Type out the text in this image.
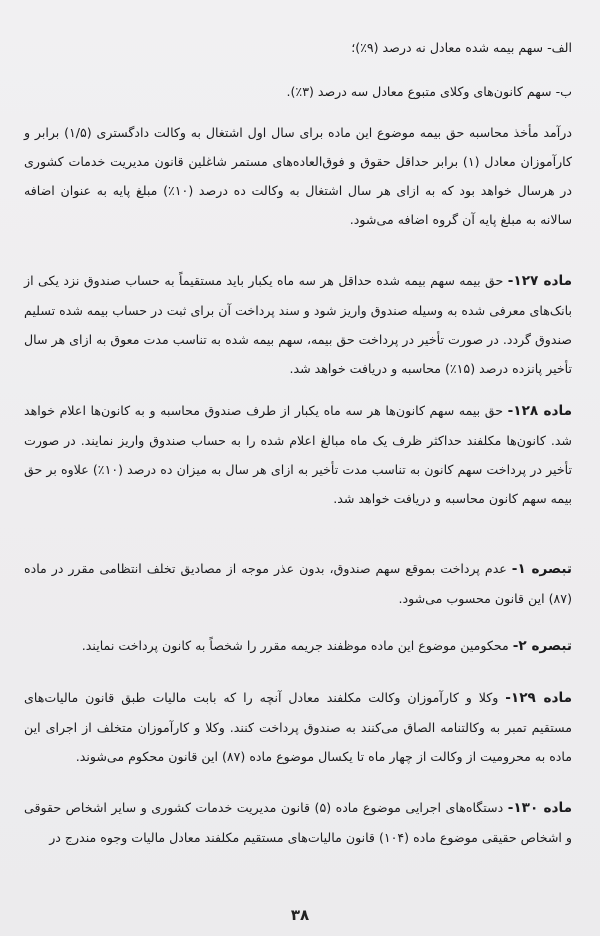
الف- سهم بیمه شده معادل نه درصد (۹٪)؛

ب- سهم کانون‌های وکلای متبوع معادل سه درصد (۳٪).

درآمد مأخذ محاسبه حق بیمه موضوع این ماده برای سال اول اشتغال به وکالت دادگستری (۱/۵) برابر و کارآموزان معادل (۱) برابر حداقل حقوق و فوق‌العاده‌های مستمر شاغلین قانون مدیریت خدمات کشوری در هرسال خواهد بود که به ازای هر سال اشتغال به وکالت ده درصد (۱۰٪) مبلغ پایه به عنوان اضافه سالانه به مبلغ پایه آن گروه اضافه می‌شود.

ماده ۱۲۷- حق بیمه سهم بیمه شده حداقل هر سه ماه یکبار باید مستقیماً به حساب صندوق نزد یکی از بانک‌های معرفی شده به وسیله صندوق واریز شود و سند پرداخت آن برای ثبت در حساب بیمه شده تسلیم صندوق گردد. در صورت تأخیر در پرداخت حق بیمه، سهم بیمه شده به تناسب مدت معوق به ازای هر سال تأخیر پانزده درصد (۱۵٪) محاسبه و دریافت خواهد شد.

ماده ۱۲۸- حق بیمه سهم کانون‌ها هر سه ماه یکبار از طرف صندوق محاسبه و به کانون‌ها اعلام خواهد شد. کانون‌ها مکلفند حداکثر ظرف یک ماه مبالغ اعلام شده را به حساب صندوق واریز نمایند. در صورت تأخیر در پرداخت سهم کانون به تناسب مدت تأخیر به ازای هر سال به میزان ده درصد (۱۰٪) علاوه بر حق بیمه سهم کانون محاسبه و دریافت خواهد شد.

تبصره ۱- عدم پرداخت بموقع سهم صندوق، بدون عذر موجه از مصادیق تخلف انتظامی مقرر در ماده (۸۷) این قانون محسوب می‌شود.

تبصره ۲- محکومین موضوع این ماده موظفند جریمه مقرر را شخصاً به کانون پرداخت نمایند.

ماده ۱۲۹- وکلا و کارآموزان وکالت مکلفند معادل آنچه را که بابت مالیات طبق قانون مالیات‌های مستقیم تمبر به وکالتنامه الصاق می‌کنند به صندوق پرداخت کنند. وکلا و کارآموزان متخلف از اجرای این ماده به محرومیت از وکالت از چهار ماه تا یکسال موضوع ماده (۸۷) این قانون محکوم می‌شوند.

ماده ۱۳۰- دستگاه‌های اجرایی موضوع ماده (۵) قانون مدیریت خدمات کشوری و سایر اشخاص حقوقی و اشخاص حقیقی موضوع ماده (۱۰۴) قانون مالیات‌های مستقیم مکلفند معادل مالیات وجوه مندرج در

۳۸
